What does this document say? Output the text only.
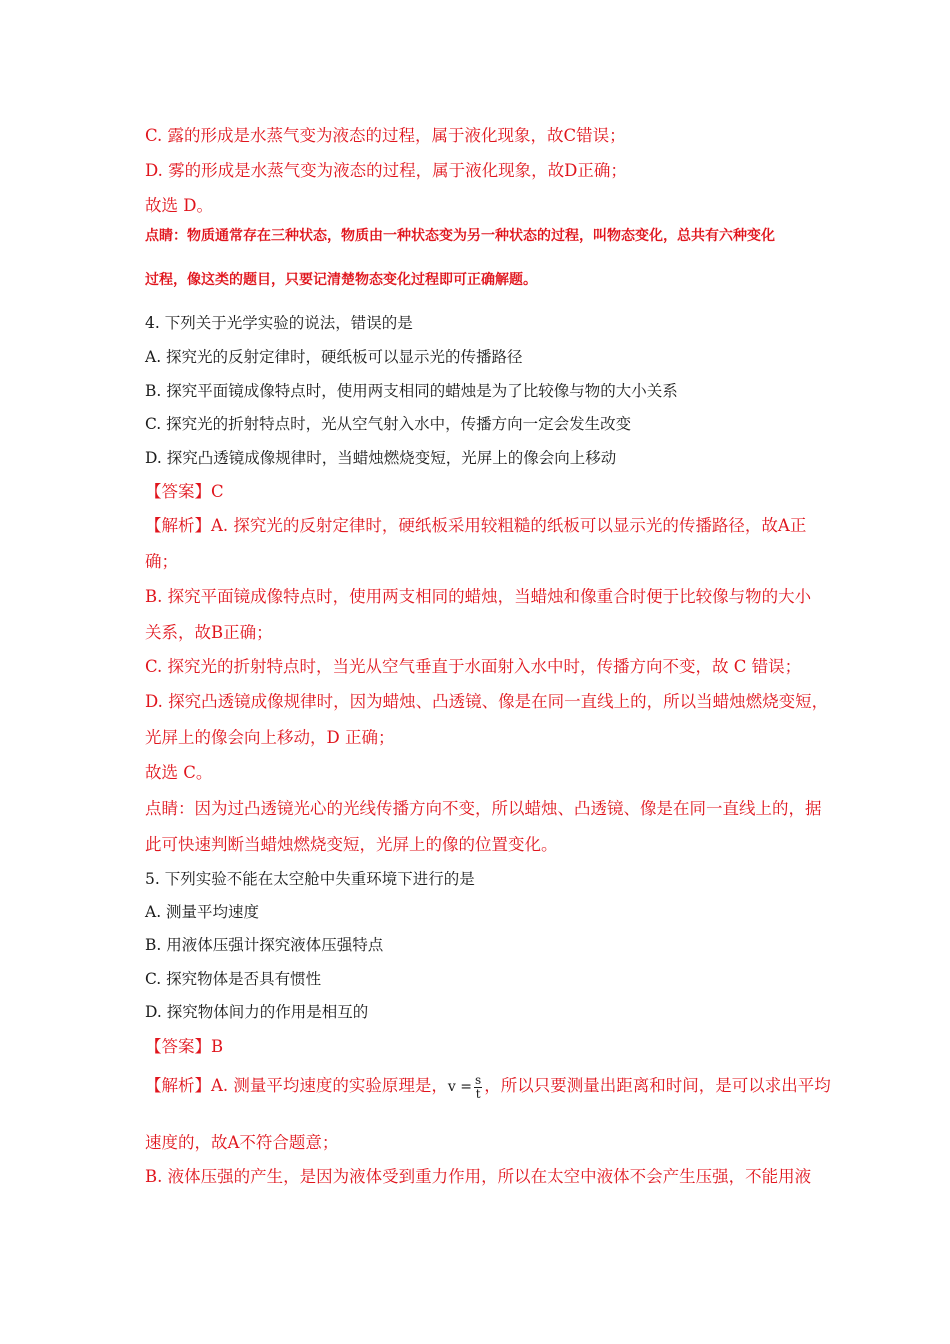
C. 露的形成是水蒸气变为液态的过程，属于液化现象，故C错误；
D. 雾的形成是水蒸气变为液态的过程，属于液化现象，故D正确；
故选 D。
点睛：物质通常存在三种状态，物质由一种状态变为另一种状态的过程，叫物态变化，总共有六种变化
过程，像这类的题目，只要记清楚物态变化过程即可正确解题。
4. 下列关于光学实验的说法，错误的是
A. 探究光的反射定律时，硬纸板可以显示光的传播路径
B. 探究平面镜成像特点时，使用两支相同的蜡烛是为了比较像与物的大小关系
C. 探究光的折射特点时，光从空气射入水中，传播方向一定会发生改变
D. 探究凸透镜成像规律时，当蜡烛燃烧变短，光屏上的像会向上移动
【答案】C
【解析】A. 探究光的反射定律时，硬纸板采用较粗糙的纸板可以显示光的传播路径，故A正
确；
B. 探究平面镜成像特点时，使用两支相同的蜡烛，当蜡烛和像重合时便于比较像与物的大小
关系，故B正确；
C. 探究光的折射特点时，当光从空气垂直于水面射入水中时，传播方向不变，故 C 错误；
D. 探究凸透镜成像规律时，因为蜡烛、凸透镜、像是在同一直线上的，所以当蜡烛燃烧变短，
光屏上的像会向上移动，D 正确；
故选 C。
点睛：因为过凸透镜光心的光线传播方向不变，所以蜡烛、凸透镜、像是在同一直线上的，据
此可快速判断当蜡烛燃烧变短，光屏上的像的位置变化。
5. 下列实验不能在太空舱中失重环境下进行的是
A. 测量平均速度
B. 用液体压强计探究液体压强特点
C. 探究物体是否具有惯性
D. 探究物体间力的作用是相互的
【答案】B
【解析】A. 测量平均速度的实验原理是，$v = \frac{s}{t}$ ，所以只要测量出距离和时间，是可以求出平均
速度的，故A不符合题意；
B. 液体压强的产生，是因为液体受到重力作用，所以在太空中液体不会产生压强，不能用液
